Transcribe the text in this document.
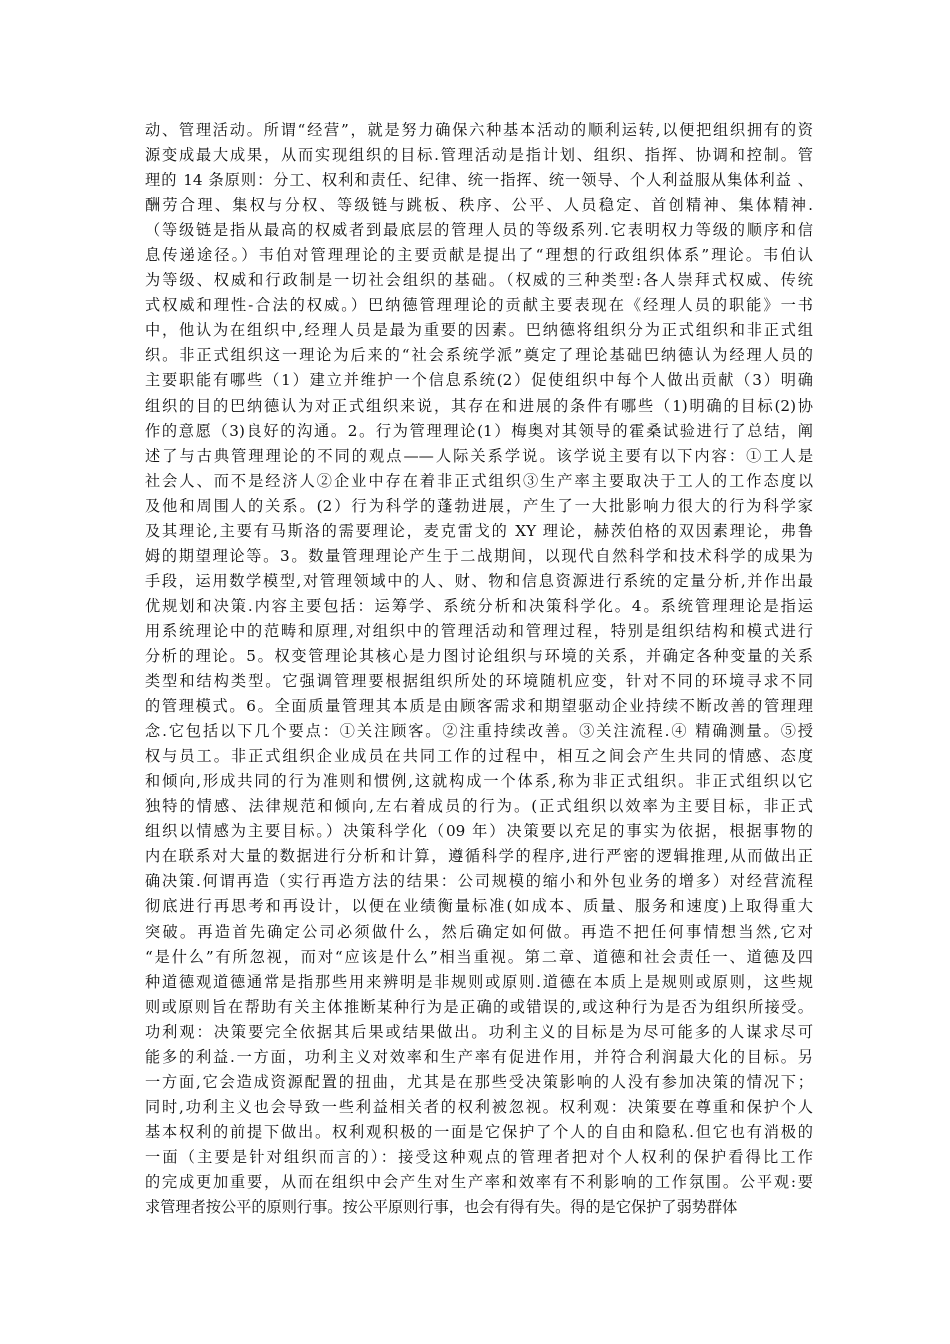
动、管理活动。所谓“经营”，就是努力确保六种基本活动的顺利运转,以便把组织拥有的资
源变成最大成果，从而实现组织的目标.管理活动是指计划、组织、指挥、协调和控制。管
理的 14 条原则：分工、权利和责任、纪律、统一指挥、统一领导、个人利益服从集体利益 、
酬劳合理、集权与分权、等级链与跳板、秩序、公平、人员稳定、首创精神、集体精神.
（等级链是指从最高的权威者到最底层的管理人员的等级系列.它表明权力等级的顺序和信
息传递途径。）韦伯对管理理论的主要贡献是提出了“理想的行政组织体系”理论。韦伯认
为等级、权威和行政制是一切社会组织的基础。（权威的三种类型:各人崇拜式权威、传统
式权威和理性-合法的权威。）巴纳德管理理论的贡献主要表现在《经理人员的职能》一书
中，他认为在组织中,经理人员是最为重要的因素。巴纳德将组织分为正式组织和非正式组
织。非正式组织这一理论为后来的“社会系统学派”奠定了理论基础巴纳德认为经理人员的
主要职能有哪些（1）建立并维护一个信息系统(2）促使组织中每个人做出贡献（3）明确
组织的目的巴纳德认为对正式组织来说，其存在和进展的条件有哪些（1)明确的目标(2)协
作的意愿（3)良好的沟通。2。行为管理理论(1）梅奥对其领导的霍桑试验进行了总结，阐
述了与古典管理理论的不同的观点——人际关系学说。该学说主要有以下内容：①工人是
社会人、而不是经济人②企业中存在着非正式组织③生产率主要取决于工人的工作态度以
及他和周围人的关系。(2）行为科学的蓬勃进展，产生了一大批影响力很大的行为科学家
及其理论,主要有马斯洛的需要理论，麦克雷戈的 XY 理论，赫茨伯格的双因素理论，弗鲁
姆的期望理论等。3。数量管理理论产生于二战期间，以现代自然科学和技术科学的成果为
手段，运用数学模型,对管理领域中的人、财、物和信息资源进行系统的定量分析,并作出最
优规划和决策.内容主要包括：运筹学、系统分析和决策科学化。4。系统管理理论是指运
用系统理论中的范畴和原理,对组织中的管理活动和管理过程，特别是组织结构和模式进行
分析的理论。5。权变管理论其核心是力图讨论组织与环境的关系，并确定各种变量的关系
类型和结构类型。它强调管理要根据组织所处的环境随机应变，针对不同的环境寻求不同
的管理模式。6。全面质量管理其本质是由顾客需求和期望驱动企业持续不断改善的管理理
念.它包括以下几个要点：①关注顾客。②注重持续改善。③关注流程.④ 精确测量。⑤授
权与员工。非正式组织企业成员在共同工作的过程中，相互之间会产生共同的情感、态度
和倾向,形成共同的行为准则和惯例,这就构成一个体系,称为非正式组织。非正式组织以它
独特的情感、法律规范和倾向,左右着成员的行为。(正式组织以效率为主要目标，非正式
组织以情感为主要目标。）决策科学化（09 年）决策要以充足的事实为依据，根据事物的
内在联系对大量的数据进行分析和计算，遵循科学的程序,进行严密的逻辑推理,从而做出正
确决策.何谓再造（实行再造方法的结果：公司规模的缩小和外包业务的增多）对经营流程
彻底进行再思考和再设计，以便在业绩衡量标准(如成本、质量、服务和速度)上取得重大
突破。再造首先确定公司必须做什么，然后确定如何做。再造不把任何事情想当然,它对
“是什么”有所忽视，而对“应该是什么”相当重视。第二章、道德和社会责任一、道德及四
种道德观道德通常是指那些用来辨明是非规则或原则.道德在本质上是规则或原则，这些规
则或原则旨在帮助有关主体推断某种行为是正确的或错误的,或这种行为是否为组织所接受。
功利观：决策要完全依据其后果或结果做出。功利主义的目标是为尽可能多的人谋求尽可
能多的利益.一方面，功利主义对效率和生产率有促进作用，并符合利润最大化的目标。另
一方面,它会造成资源配置的扭曲，尤其是在那些受决策影响的人没有参加决策的情况下；
同时,功利主义也会导致一些利益相关者的权利被忽视。权利观：决策要在尊重和保护个人
基本权利的前提下做出。权利观积极的一面是它保护了个人的自由和隐私.但它也有消极的
一面（主要是针对组织而言的）：接受这种观点的管理者把对个人权利的保护看得比工作
的完成更加重要，从而在组织中会产生对生产率和效率有不利影响的工作氛围。公平观:要
求管理者按公平的原则行事。按公平原则行事，也会有得有失。得的是它保护了弱势群体
